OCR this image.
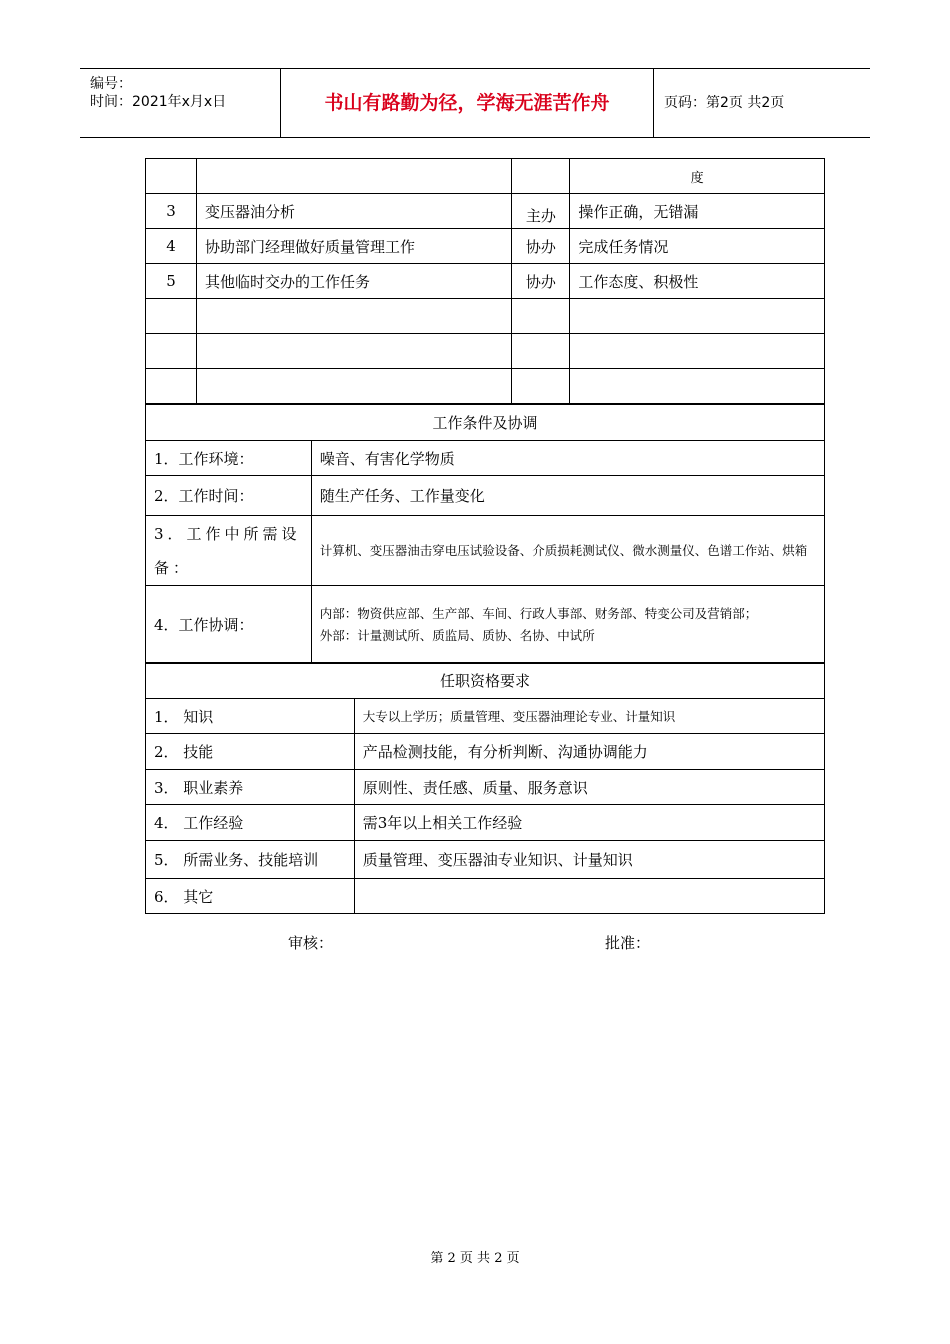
编号：
时间：2021年x月x日	书山有路勤为径，学海无涯苦作舟	页码：第2页 共2页
			度
3	变压器油分析	主办	操作正确，无错漏
4	协助部门经理做好质量管理工作	协办	完成任务情况
5	其他临时交办的工作任务	协办	工作态度、积极性

工作条件及协调	
1．工作环境：	噪音、有害化学物质
2．工作时间：	随生产任务、工作量变化
3．工作中所需设备：	计算机、变压器油击穿电压试验设备、介质损耗测试仪、微水测量仪、色谱工作站、烘箱
4．工作协调：	内部：物资供应部、生产部、车间、行政人事部、财务部、特变公司及营销部；
外部：计量测试所、质监局、质协、名协、中试所
任职资格要求	
1． 知识	大专以上学历；质量管理、变压器油理论专业、计量知识
2． 技能	产品检测技能，有分析判断、沟通协调能力
3． 职业素养	原则性、责任感、质量、服务意识
4． 工作经验	需3年以上相关工作经验
5． 所需业务、技能培训	质量管理、变压器油专业知识、计量知识
6． 其它	
审核：	批准：
第 2 页 共 2 页
